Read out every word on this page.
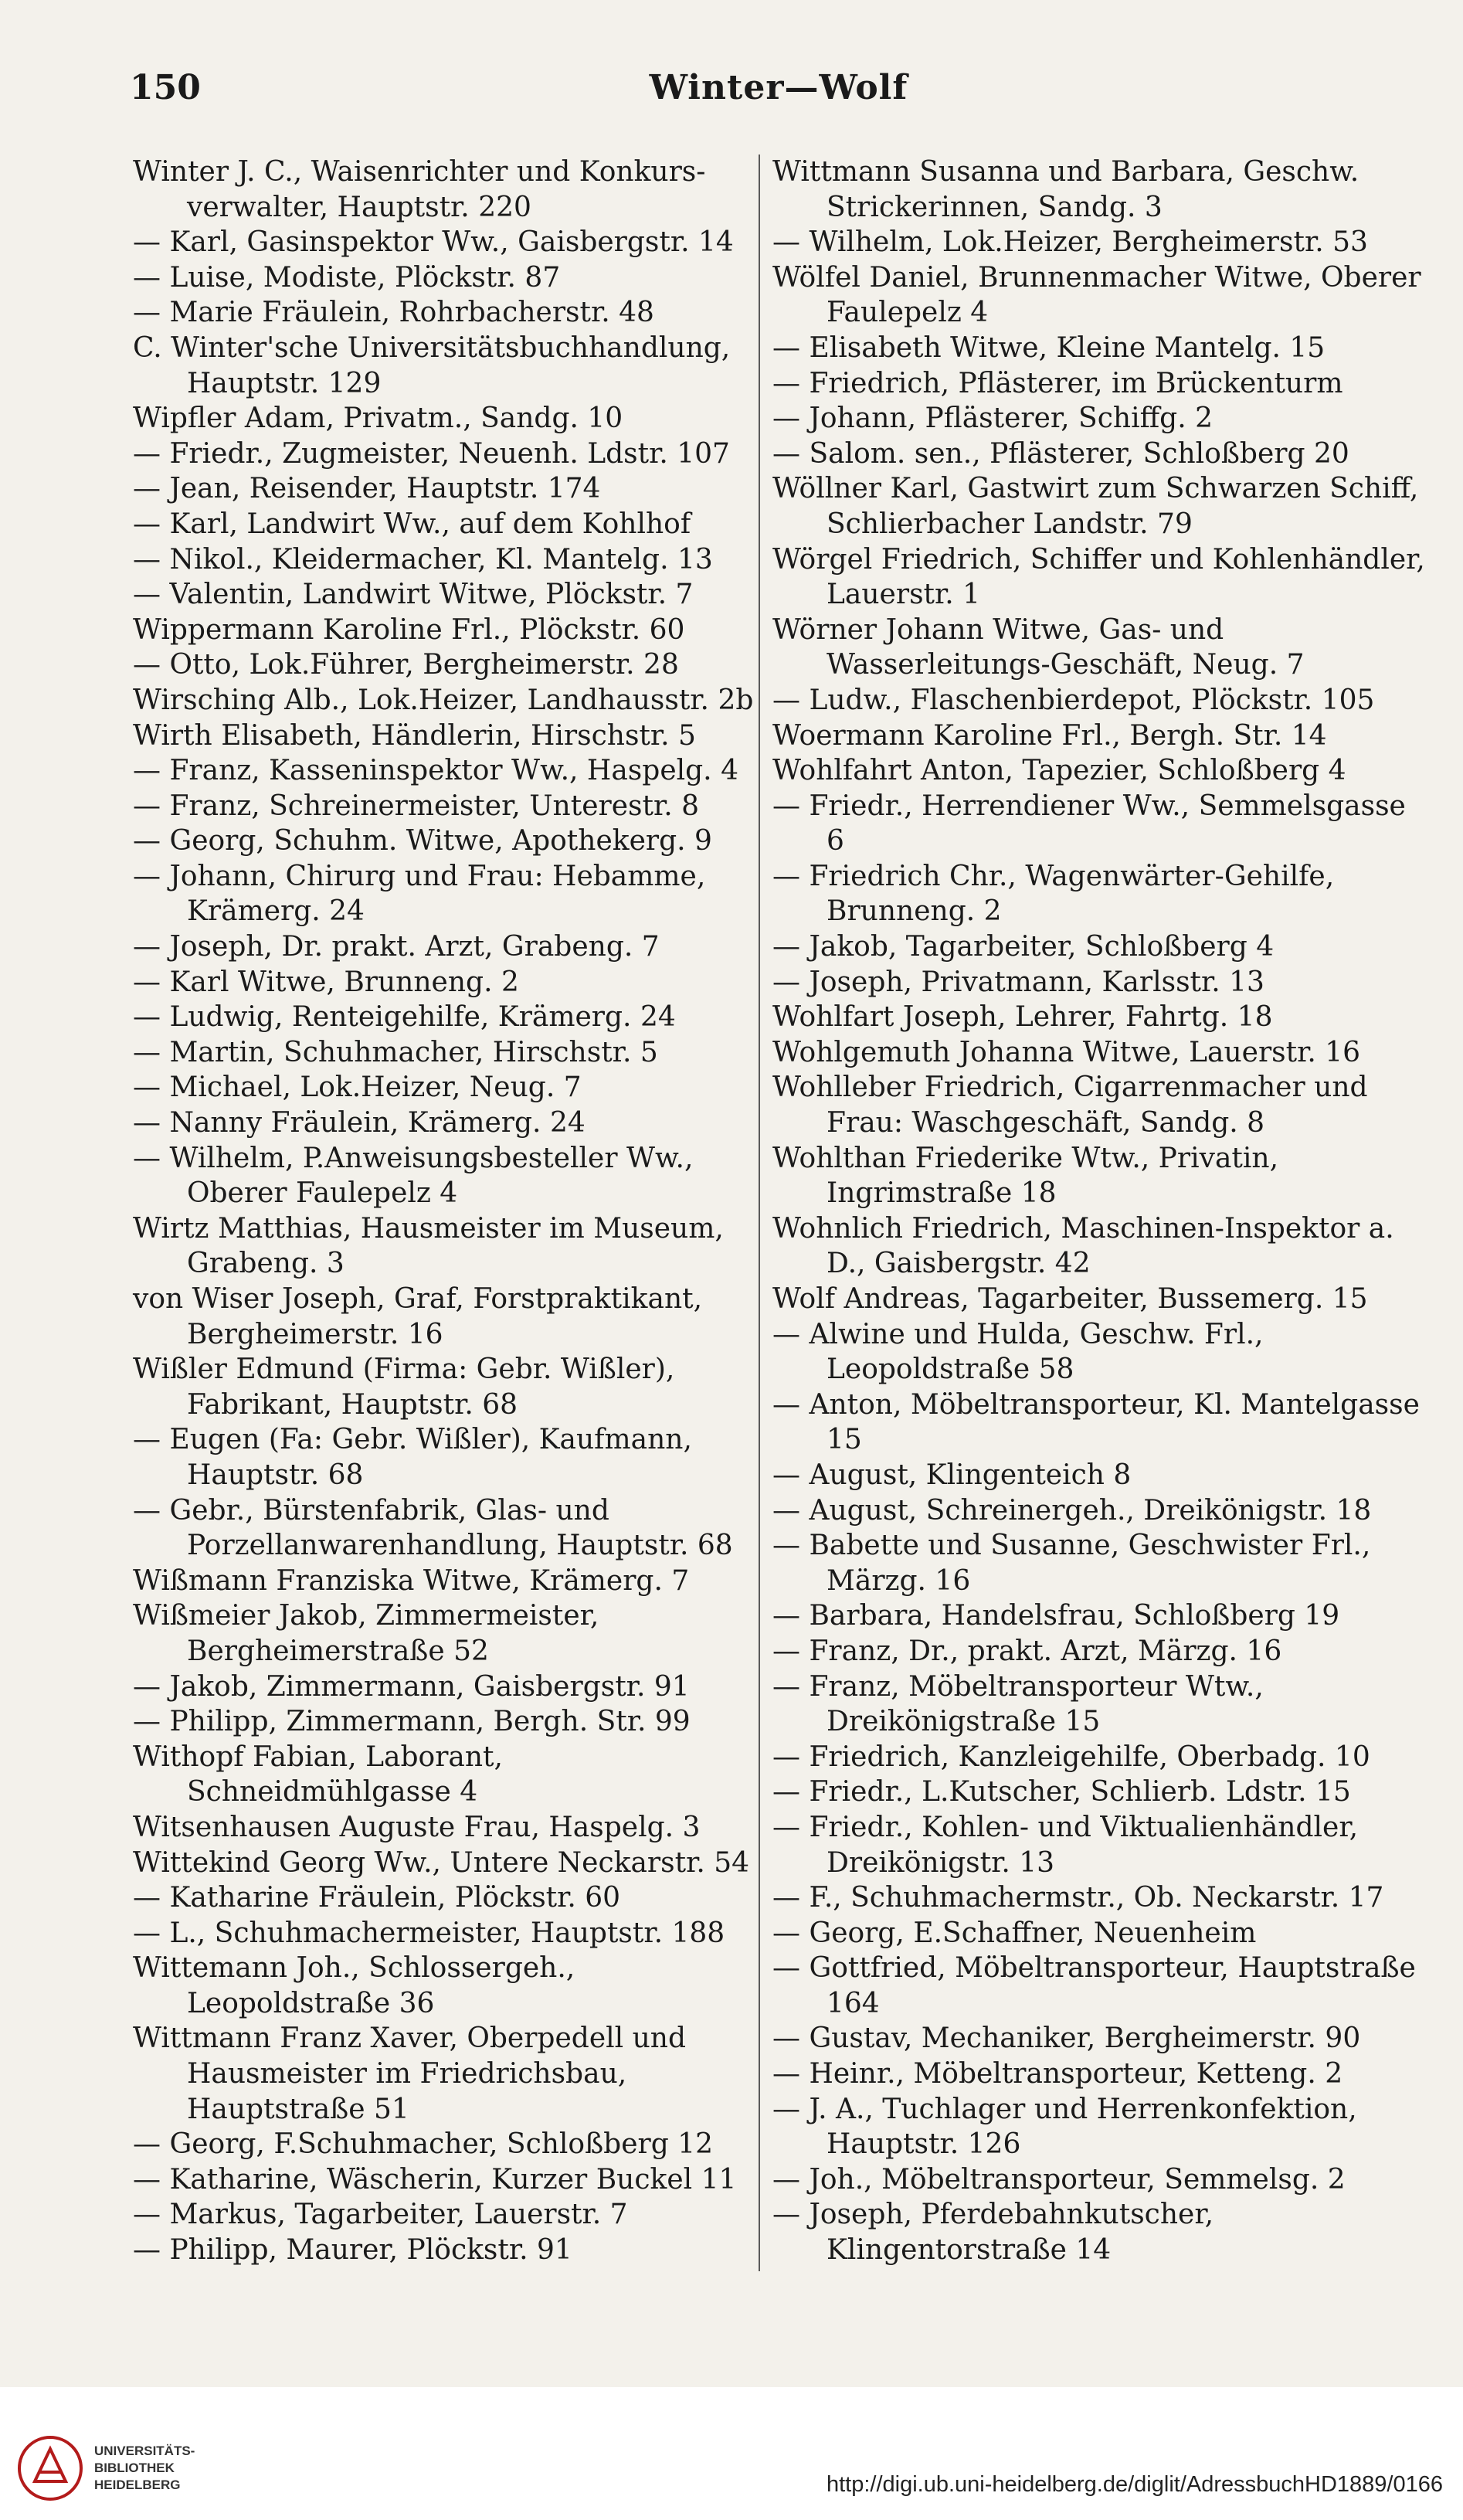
150	Winter—Wolf
Winter J. C., Waisenrichter und Konkurs- verwalter, Hauptstr. 220
— Karl, Gasinspektor Ww., Gaisbergstr. 14
— Luise, Modiste, Plöckstr. 87
— Marie Fräulein, Rohrbacherstr. 48
C. Winter'sche Universitätsbuchhandlung, Hauptstr. 129
Wipfler Adam, Privatm., Sandg. 10
— Friedr., Zugmeister, Neuenh. Ldstr. 107
— Jean, Reisender, Hauptstr. 174
— Karl, Landwirt Ww., auf dem Kohlhof
— Nikol., Kleidermacher, Kl. Mantelg. 13
— Valentin, Landwirt Witwe, Plöckstr. 7
Wippermann Karoline Frl., Plöckstr. 60
— Otto, Lok.Führer, Bergheimerstr. 28
Wirsching Alb., Lok.Heizer, Landhausstr. 2b
Wirth Elisabeth, Händlerin, Hirschstr. 5
— Franz, Kasseninspektor Ww., Haspelg. 4
— Franz, Schreinermeister, Unterestr. 8
— Georg, Schuhm. Witwe, Apothekerg. 9
— Johann, Chirurg und Frau: Hebamme, Krämerg. 24
— Joseph, Dr. prakt. Arzt, Grabeng. 7
— Karl Witwe, Brunneng. 2
— Ludwig, Renteigehilfe, Krämerg. 24
— Martin, Schuhmacher, Hirschstr. 5
— Michael, Lok.Heizer, Neug. 7
— Nanny Fräulein, Krämerg. 24
— Wilhelm, P.Anweisungsbesteller Ww., Oberer Faulepelz 4
Wirtz Matthias, Hausmeister im Museum, Grabeng. 3
von Wiser Joseph, Graf, Forstpraktikant, Bergheimerstr. 16
Wißler Edmund (Firma: Gebr. Wißler), Fabrikant, Hauptstr. 68
— Eugen (Fa: Gebr. Wißler), Kaufmann, Hauptstr. 68
— Gebr., Bürstenfabrik, Glas- und Porzellanwarenhandlung, Hauptstr. 68
Wißmann Franziska Witwe, Krämerg. 7
Wißmeier Jakob, Zimmermeister, Bergheimerstraße 52
— Jakob, Zimmermann, Gaisbergstr. 91
— Philipp, Zimmermann, Bergh. Str. 99
Withopf Fabian, Laborant, Schneidmühlgasse 4
Witsenhausen Auguste Frau, Haspelg. 3
Wittekind Georg Ww., Untere Neckarstr. 54
— Katharine Fräulein, Plöckstr. 60
— L., Schuhmachermeister, Hauptstr. 188
Wittemann Joh., Schlossergeh., Leopoldstraße 36
Wittmann Franz Xaver, Oberpedell und Hausmeister im Friedrichsbau, Hauptstraße 51
— Georg, F.Schuhmacher, Schloßberg 12
— Katharine, Wäscherin, Kurzer Buckel 11
— Markus, Tagarbeiter, Lauerstr. 7
— Philipp, Maurer, Plöckstr. 91
Wittmann Susanna und Barbara, Geschw. Strickerinnen, Sandg. 3
— Wilhelm, Lok.Heizer, Bergheimerstr. 53
Wölfel Daniel, Brunnenmacher Witwe, Oberer Faulepelz 4
— Elisabeth Witwe, Kleine Mantelg. 15
— Friedrich, Pflästerer, im Brückenturm
— Johann, Pflästerer, Schiffg. 2
— Salom. sen., Pflästerer, Schloßberg 20
Wöllner Karl, Gastwirt zum Schwarzen Schiff, Schlierbacher Landstr. 79
Wörgel Friedrich, Schiffer und Kohlenhändler, Lauerstr. 1
Wörner Johann Witwe, Gas- und Wasserleitungs-Geschäft, Neug. 7
— Ludw., Flaschenbierdepot, Plöckstr. 105
Woermann Karoline Frl., Bergh. Str. 14
Wohlfahrt Anton, Tapezier, Schloßberg 4
— Friedr., Herrendiener Ww., Semmelsgasse 6
— Friedrich Chr., Wagenwärter-Gehilfe, Brunneng. 2
— Jakob, Tagarbeiter, Schloßberg 4
— Joseph, Privatmann, Karlsstr. 13
Wohlfart Joseph, Lehrer, Fahrtg. 18
Wohlgemuth Johanna Witwe, Lauerstr. 16
Wohlleber Friedrich, Cigarrenmacher und Frau: Waschgeschäft, Sandg. 8
Wohlthan Friederike Wtw., Privatin, Ingrimstraße 18
Wohnlich Friedrich, Maschinen-Inspektor a. D., Gaisbergstr. 42
Wolf Andreas, Tagarbeiter, Bussemerg. 15
— Alwine und Hulda, Geschw. Frl., Leopoldstraße 58
— Anton, Möbeltransporteur, Kl. Mantelgasse 15
— August, Klingenteich 8
— August, Schreinergeh., Dreikönigstr. 18
— Babette und Susanne, Geschwister Frl., Märzg. 16
— Barbara, Handelsfrau, Schloßberg 19
— Franz, Dr., prakt. Arzt, Märzg. 16
— Franz, Möbeltransporteur Wtw., Dreikönigstraße 15
— Friedrich, Kanzleigehilfe, Oberbadg. 10
— Friedr., L.Kutscher, Schlierb. Ldstr. 15
— Friedr., Kohlen- und Viktualienhändler, Dreikönigstr. 13
— F., Schuhmachermstr., Ob. Neckarstr. 17
— Georg, E.Schaffner, Neuenheim
— Gottfried, Möbeltransporteur, Hauptstraße 164
— Gustav, Mechaniker, Bergheimerstr. 90
— Heinr., Möbeltransporteur, Ketteng. 2
— J. A., Tuchlager und Herrenkonfektion, Hauptstr. 126
— Joh., Möbeltransporteur, Semmelsg. 2
— Joseph, Pferdebahnkutscher, Klingentorstraße 14
UNIVERSITÄTS-
BIBLIOTHEK
HEIDELBERG	http://digi.ub.uni-heidelberg.de/diglit/AdressbuchHD1889/0166
